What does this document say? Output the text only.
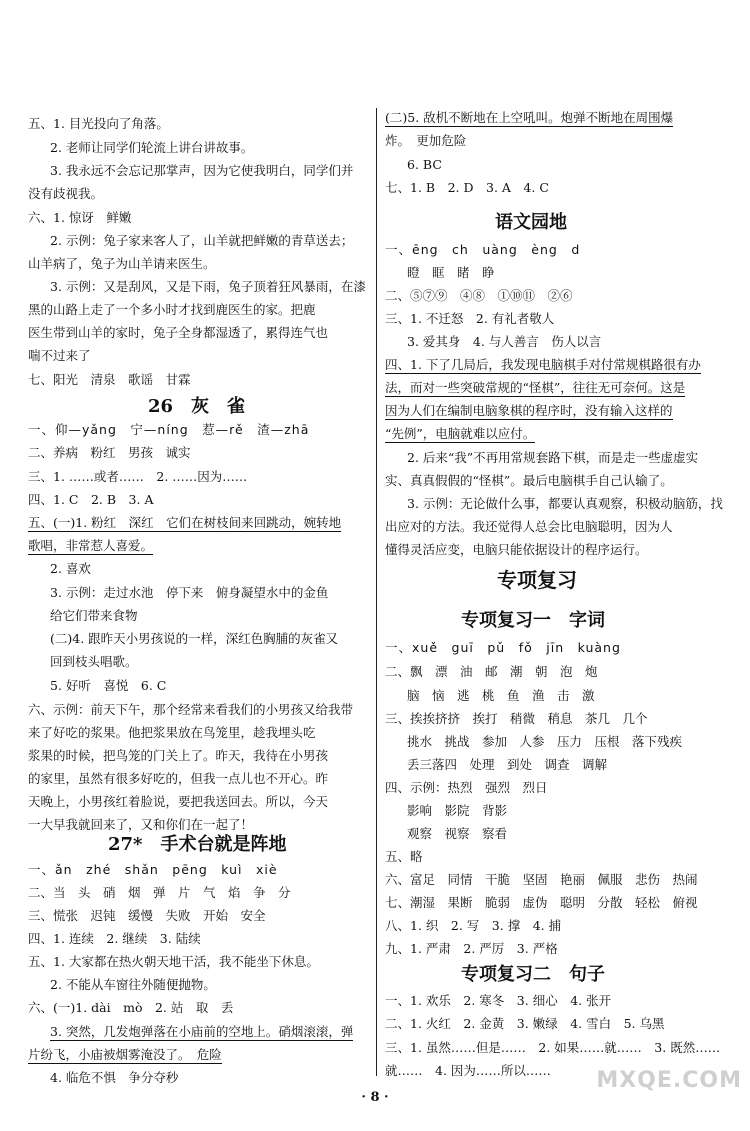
五、1. 目光投向了角落。
2. 老师让同学们轮流上讲台讲故事。
3. 我永远不会忘记那掌声，因为它使我明白，同学们并
没有歧视我。
六、1. 惊讶　鲜嫩
2. 示例：兔子家来客人了，山羊就把鲜嫩的青草送去；
山羊病了，兔子为山羊请来医生。
3. 示例：又是刮风，又是下雨，兔子顶着狂风暴雨，在漆
黑的山路上走了一个多小时才找到鹿医生的家。把鹿
医生带到山羊的家时，兔子全身都湿透了，累得连气也
喘不过来了
七、阳光　清泉　歌谣　甘霖
26　灰　雀
一、仰—yǎng　宁—níng　惹—rě　渣—zhā
二、养病　粉红　男孩　诚实
三、1. ……或者……　2. ……因为……
四、1. C　2. B　3. A
五、(一)1. 粉红　深红　它们在树枝间来回跳动，婉转地
歌唱，非常惹人喜爱。
2. 喜欢
3. 示例：走过水池　停下来　俯身凝望水中的金鱼
给它们带来食物
(二)4. 跟昨天小男孩说的一样，深红色胸脯的灰雀又
回到枝头唱歌。
5. 好听　喜悦　6. C
六、示例：前天下午，那个经常来看我们的小男孩又给我带
来了好吃的浆果。他把浆果放在鸟笼里，趁我埋头吃
浆果的时候，把鸟笼的门关上了。昨天，我待在小男孩
的家里，虽然有很多好吃的，但我一点儿也不开心。昨
天晚上，小男孩红着脸说，要把我送回去。所以，今天
一大早我就回来了，又和你们在一起了！
27*　手术台就是阵地
一、ǎn　zhé　shǎn　pēng　kuì　xiè
二、当　头　硝　烟　弹　片　气　焰　争　分
三、慌张　迟钝　缓慢　失败　开始　安全
四、1. 连续　2. 继续　3. 陆续
五、1. 大家都在热火朝天地干活，我不能坐下休息。
2. 不能从车窗往外随便抛物。
六、(一)1. dài　mò　2. 站　取　丢
3. 突然，几发炮弹落在小庙前的空地上。硝烟滚滚，弹
片纷飞，小庙被烟雾淹没了。　危险
4. 临危不惧　争分夺秒
(二)5. 敌机不断地在上空吼叫。炮弹不断地在周围爆
炸。　更加危险
6. BC
七、1. B　2. D　3. A　4. C
语文园地
一、ēng　ch　uàng　èng　d
瞪　眶　睹　睁
二、⑤⑦⑨　④⑧　①⑩⑪　②⑥
三、1. 不迁怒　2. 有礼者敬人
3. 爱其身　4. 与人善言　伤人以言
四、1. 下了几局后，我发现电脑棋手对付常规棋路很有办
法，而对一些突破常规的“怪棋”，往往无可奈何。这是
因为人们在编制电脑象棋的程序时，没有输入这样的
“先例”，电脑就难以应付。
2. 后来“我”不再用常规套路下棋，而是走一些虚虚实
实、真真假假的“怪棋”。最后电脑棋手自己认输了。
3. 示例：无论做什么事，都要认真观察，积极动脑筋，找
出应对的方法。我还觉得人总会比电脑聪明，因为人
懂得灵活应变，电脑只能依据设计的程序运行。
专项复习
专项复习一　字词
一、xuě　guī　pǔ　fǒ　jīn　kuàng
二、飘　漂　油　邮　潮　朝　泡　炮
脑　恼　逃　桃　鱼　渔　击　激
三、挨挨挤挤　挨打　稍微　稍息　茶几　几个
挑水　挑战　参加　人参　压力　压根　落下残疾
丢三落四　处理　到处　调查　调解
四、示例：热烈　强烈　烈日
影响　影院　背影
观察　视察　察看
五、略
六、富足　同情　干脆　坚固　艳丽　佩服　悲伤　热闹
七、潮湿　果断　脆弱　虚伪　聪明　分散　轻松　俯视
八、1. 织　2. 写　3. 撑　4. 捕
九、1. 严肃　2. 严厉　3. 严格
专项复习二　句子
一、1. 欢乐　2. 寒冬　3. 细心　4. 张开
二、1. 火红　2. 金黄　3. 嫩绿　4. 雪白　5. 乌黑
三、1. 虽然……但是……　2. 如果……就……　3. 既然……
就……　4. 因为……所以……
· 8 ·
MXQE.COM
